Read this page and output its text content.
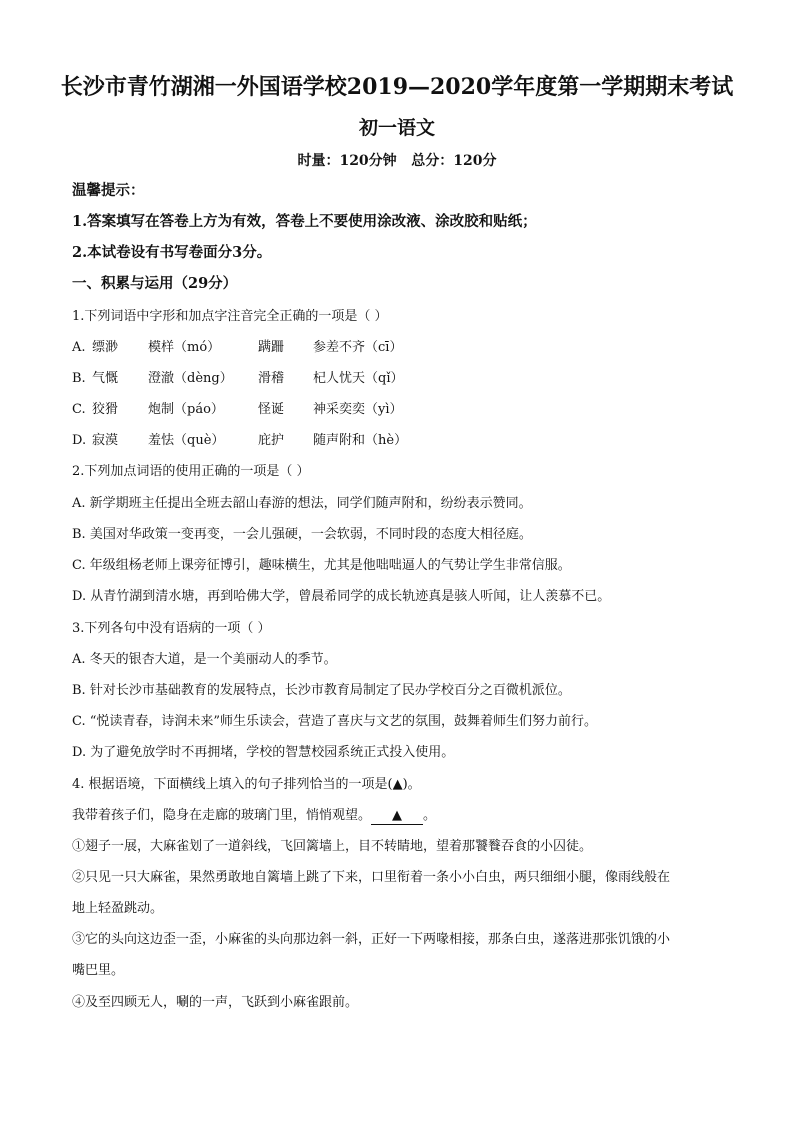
长沙市青竹湖湘一外国语学校2019—2020学年度第一学期期末考试
初一语文
时量：120分钟   总分：120分
温馨提示：
1.答案填写在答卷上方为有效，答卷上不要使用涂改液、涂改胶和贴纸；
2.本试卷设有书写卷面分3分。
一、积累与运用（29分）
1.下列词语中字形和加点字注音完全正确的一项是（ ）
A. 缥渺 模样（mó）	蹒跚 参差不齐（cī）
B. 气慨 澄澈（dèng） 滑稽 杞人忧天（qǐ）
C. 狡猾 炮制（páo）	怪诞 神采奕奕（yì）
D. 寂漠 羞怯（què）	庇护 随声附和（hè）
2.下列加点词语的使用正确的一项是（ ）
A. 新学期班主任提出全班去韶山春游的想法，同学们随声附和，纷纷表示赞同。
B. 美国对华政策一变再变，一会儿强硬，一会软弱，不同时段的态度大相径庭。
C. 年级组杨老师上课旁征博引，趣味横生，尤其是他咄咄逼人的气势让学生非常信服。
D. 从青竹湖到清水塘，再到哈佛大学，曾晨希同学的成长轨迹真是骇人听闻，让人羡慕不已。
3.下列各句中没有语病的一项（ ）
A. 冬天的银杏大道，是一个美丽动人的季节。
B. 针对长沙市基础教育的发展特点，长沙市教育局制定了民办学校百分之百微机派位。
C. “悦读青春，诗润未来”师生乐读会，营造了喜庆与文艺的氛围，鼓舞着师生们努力前行。
D. 为了避免放学时不再拥堵，学校的智慧校园系统正式投入使用。
4. 根据语境，下面横线上填入的句子排列恰当的一项是(▲)。
我带着孩子们，隐身在走廊的玻璃门里，悄悄观望。 ▲ 。
①翅子一展，大麻雀划了一道斜线，飞回篱墙上，目不转睛地，望着那饕餮吞食的小囚徒。
②只见一只大麻雀，果然勇敢地自篱墙上跳了下来，口里衔着一条小小白虫，两只细细小腿，像雨线般在
地上轻盈跳动。
③它的头向这边歪一歪，小麻雀的头向那边斜一斜，正好一下两喙相接，那条白虫，遂落进那张饥饿的小
嘴巴里。
④及至四顾无人，唰的一声，飞跃到小麻雀跟前。
